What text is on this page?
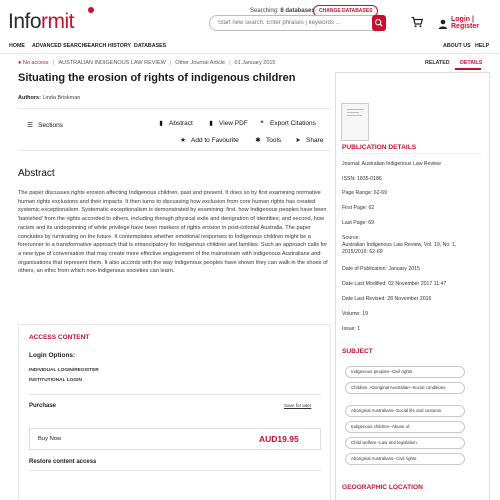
Informit	Searching: 8 databases CHANGE DATABASES
Start new search. Enter phrases | keywords ...
Login | Register
HOME ADVANCED SEARCH
SEARCH HISTORY DATABASES	ABOUT US HELP
● No access | AUSTRALIAN INDIGENOUS LAW REVIEW | Other Journal Article | 01 January 2015
Situating the erosion of rights of indigenous children
Authors: Linda Briskman
☰ Sections	▮ Abstract	▮ View PDF	❝ Export Citations
★ Add to Favourite	✱ Tools ➤ Share
Abstract
The paper discusses rights erosion affecting Indigenous children, past and present. It does so by first examining normative human rights exclusions and their impacts. It then turns to discussing how exclusion from core human rights has created systemic exceptionalism. Systematic exceptionalism is demonstrated by examining: first, how Indigenous peoples have been 'banished' from the rights accorded to others, including through physical exile and denigration of identities; and second, how racism and its underpinning of white privilege have been markers of rights erosion in post-colonial Australia. The paper concludes by ruminating on the future. It contemplates whether emotional responses to Indigenous children might be a forerunner to a transformative approach that is emancipatory for Indigenous children and families. Such an approach calls for a new type of conversation that may create more effective engagement of the mainstream with Indigenous Australians and organisations that represent them. It also accords with the way Indigenous peoples have shown they can walk in the shoes of others, an ethic from which non-Indigenous societies can learn.
ACCESS CONTENT
Login Options:
INDIVIDUAL LOGIN/REGISTER
INSTITUTIONAL LOGIN
Purchase	Save for later
Buy Now	AUD19.95
Restore content access
RELATED DETAILS
PUBLICATION DETAILS
Journal: Australian Indigenous Law Review
ISSN: 1835-0186
Page Range: 62-69
First Page: 62
Last Page: 69
Source:
Australian Indigenous Law Review, Vol. 19, No. 1, 2015/2016: 62-69
Date of Publication: January 2015
Date Last Modified: 02 November 2017 11:47
Date Last Revised: 28 November 2016
Volume: 19
Issue: 1
SUBJECT
Indigenous peoples--Civil rights
Children, Aboriginal Australian--Social conditions
Aboriginal Australians--Social life and customs
Indigenous children--Abuse of
Child welfare--Law and legislation
Aboriginal Australians--Civil rights
GEOGRAPHIC LOCATION
